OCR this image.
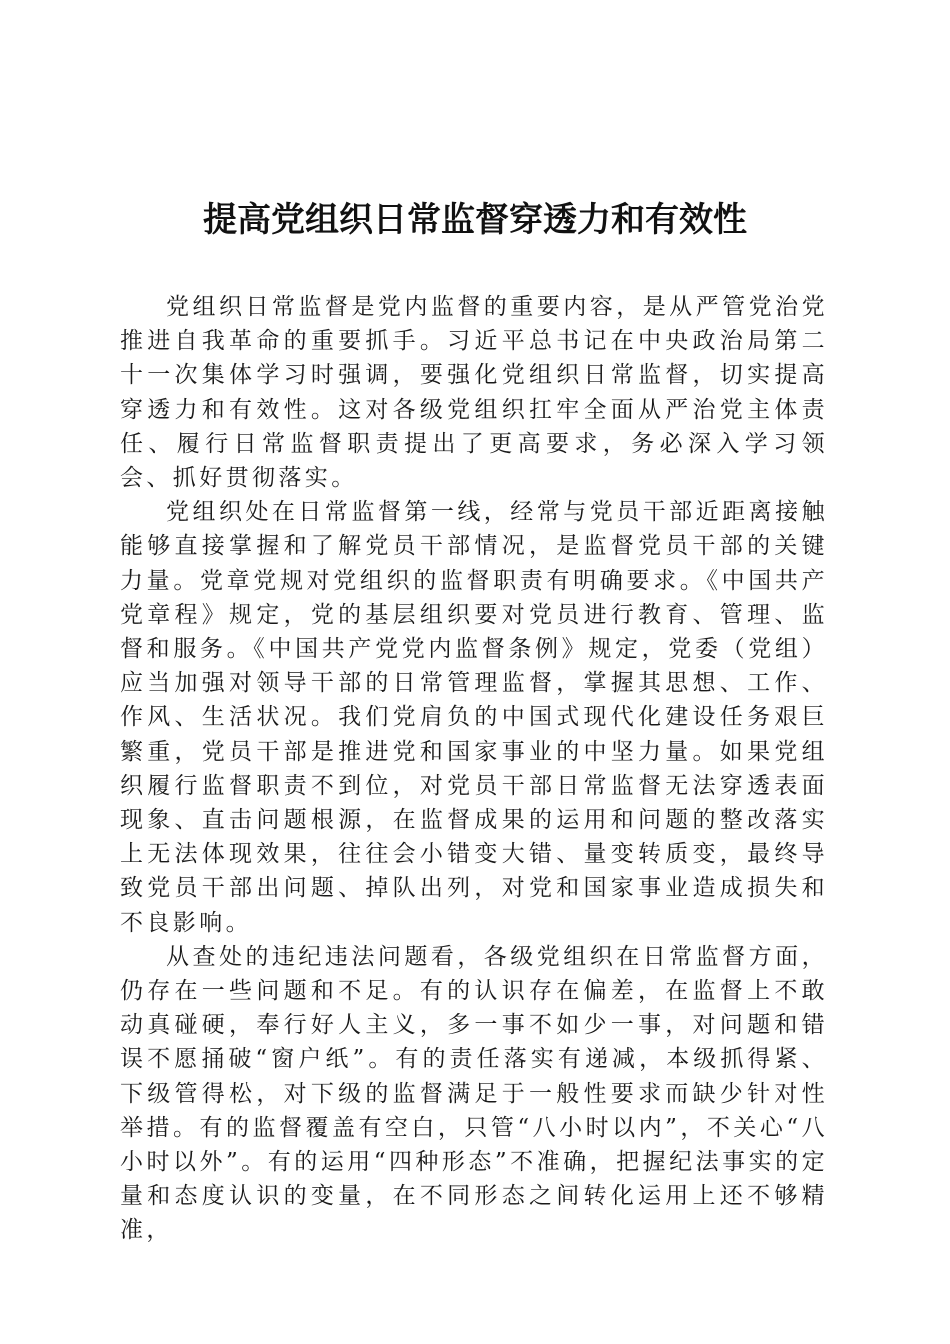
提高党组织日常监督穿透力和有效性

党组织日常监督是党内监督的重要内容，是从严管党治党推进自我革命的重要抓手。习近平总书记在中央政治局第二十一次集体学习时强调，要强化党组织日常监督，切实提高穿透力和有效性。这对各级党组织扛牢全面从严治党主体责任、履行日常监督职责提出了更高要求，务必深入学习领会、抓好贯彻落实。

党组织处在日常监督第一线，经常与党员干部近距离接触能够直接掌握和了解党员干部情况，是监督党员干部的关键力量。党章党规对党组织的监督职责有明确要求。《中国共产党章程》规定，党的基层组织要对党员进行教育、管理、监督和服务。《中国共产党党内监督条例》规定，党委（党组）应当加强对领导干部的日常管理监督，掌握其思想、工作、作风、生活状况。我们党肩负的中国式现代化建设任务艰巨繁重，党员干部是推进党和国家事业的中坚力量。如果党组织履行监督职责不到位，对党员干部日常监督无法穿透表面现象、直击问题根源，在监督成果的运用和问题的整改落实上无法体现效果，往往会小错变大错、量变转质变，最终导致党员干部出问题、掉队出列，对党和国家事业造成损失和不良影响。

从查处的违纪违法问题看，各级党组织在日常监督方面，仍存在一些问题和不足。有的认识存在偏差，在监督上不敢动真碰硬，奉行好人主义，多一事不如少一事，对问题和错误不愿捅破“窗户纸”。有的责任落实有递减，本级抓得紧、下级管得松，对下级的监督满足于一般性要求而缺少针对性举措。有的监督覆盖有空白，只管“八小时以内”，不关心“八小时以外”。有的运用“四种形态”不准确，把握纪法事实的定量和态度认识的变量，在不同形态之间转化运用上还不够精准，
